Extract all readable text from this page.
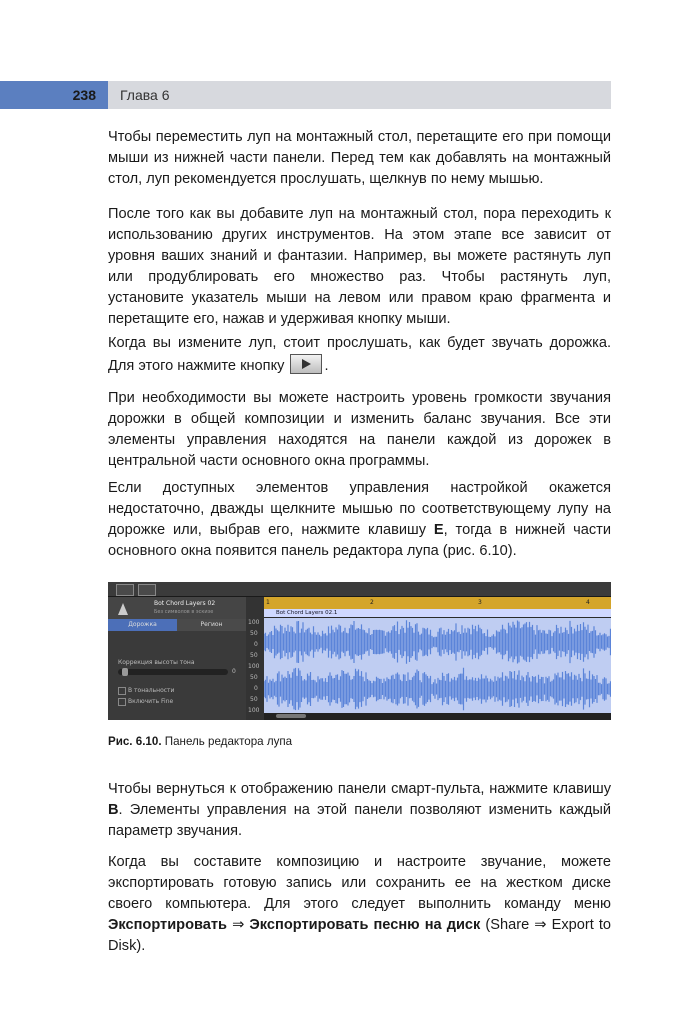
238 Глава 6

Чтобы переместить луп на монтажный стол, перетащите его при помощи мыши из нижней части панели. Перед тем как добавлять на монтажный стол, луп рекомендуется прослушать, щелкнув по нему мышью.

После того как вы добавите луп на монтажный стол, пора переходить к использованию других инструментов. На этом этапе все зависит от уровня ваших знаний и фантазии. Например, вы можете растянуть луп или продублировать его множество раз. Чтобы растянуть луп, установите указатель мыши на левом или правом краю фрагмента и перетащите его, нажав и удерживая кнопку мыши.

Когда вы измените луп, стоит прослушать, как будет звучать дорожка. Для этого нажмите кнопку	.

При необходимости вы можете настроить уровень громкости звучания дорожки в общей композиции и изменить баланс звучания. Все эти элементы управления находятся на панели каждой из дорожек в центральной части основного окна программы.

Если доступных элементов управления настройкой окажется недостаточно, дважды щелкните мышью по соответствующему лупу на дорожке или, выбрав его, нажмите клавишу E, тогда в нижней части основного окна появится панель редактора лупа (рис. 6.10).

Bot Chord Layers 02
Без символов в эскизе
Дорожка	Регион
Коррекция высоты тона
0
В тональности
Включить Fine
100
50
0
50
100
50
0
50
100
1	2	3	4
Bot Chord Layers 02.1
Рис. 6.10. Панель редактора лупа

Чтобы вернуться к отображению панели смарт-пульта, нажмите клавишу B. Элементы управления на этой панели позволяют изменить каждый параметр звучания.

Когда вы составите композицию и настроите звучание, можете экспортировать готовую запись или сохранить ее на жестком диске своего компьютера. Для этого следует выполнить команду меню Экспортировать ⇒ Экспортировать песню на диск (Share ⇒ Export to Disk).
